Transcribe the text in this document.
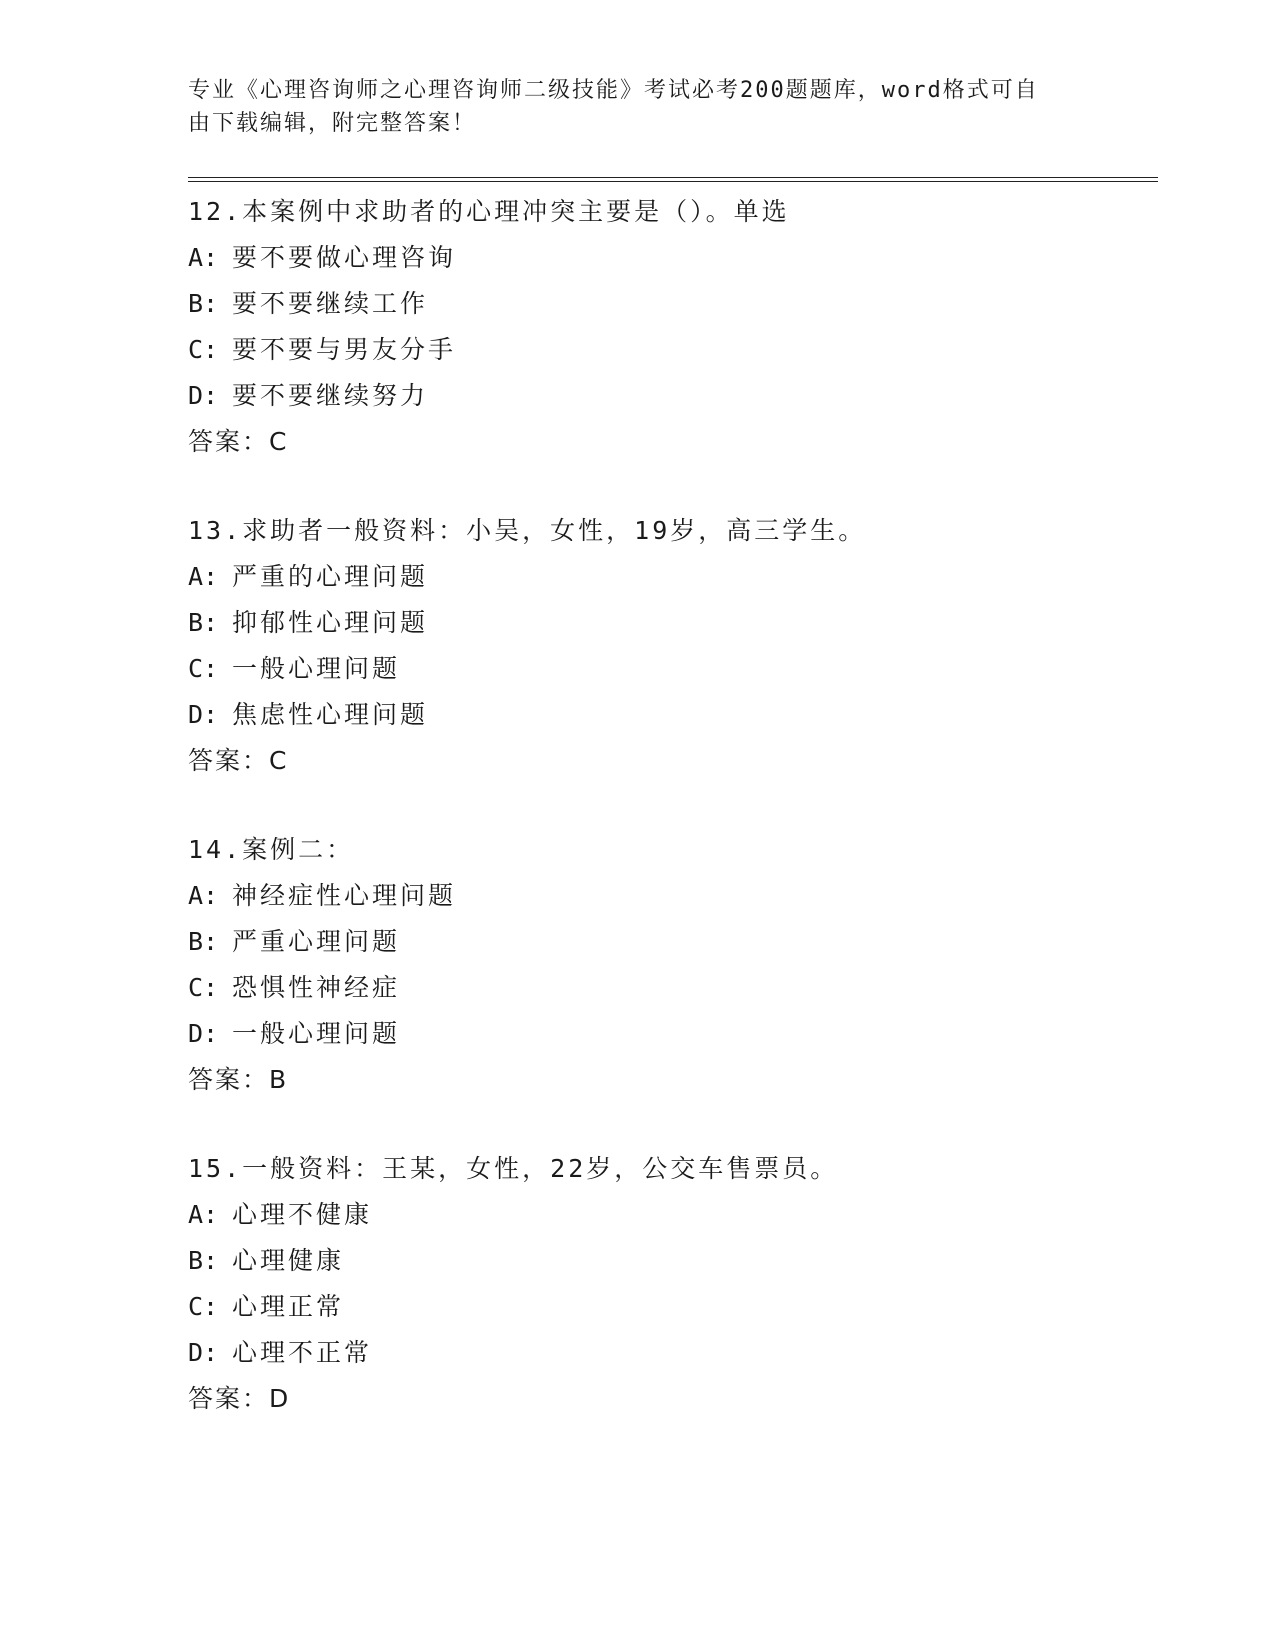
专业《心理咨询师之心理咨询师二级技能》考试必考200题题库，word格式可自
由下载编辑，附完整答案！
12.本案例中求助者的心理冲突主要是（）。单选
A: 要不要做心理咨询
B: 要不要继续工作
C: 要不要与男友分手
D: 要不要继续努力
答案：C
13.求助者一般资料：小吴，女性，19岁，高三学生。
A: 严重的心理问题
B: 抑郁性心理问题
C: 一般心理问题
D: 焦虑性心理问题
答案：C
14.案例二：
A: 神经症性心理问题
B: 严重心理问题
C: 恐惧性神经症
D: 一般心理问题
答案：B
15.一般资料：王某，女性，22岁，公交车售票员。
A: 心理不健康
B: 心理健康
C: 心理正常
D: 心理不正常
答案：D
